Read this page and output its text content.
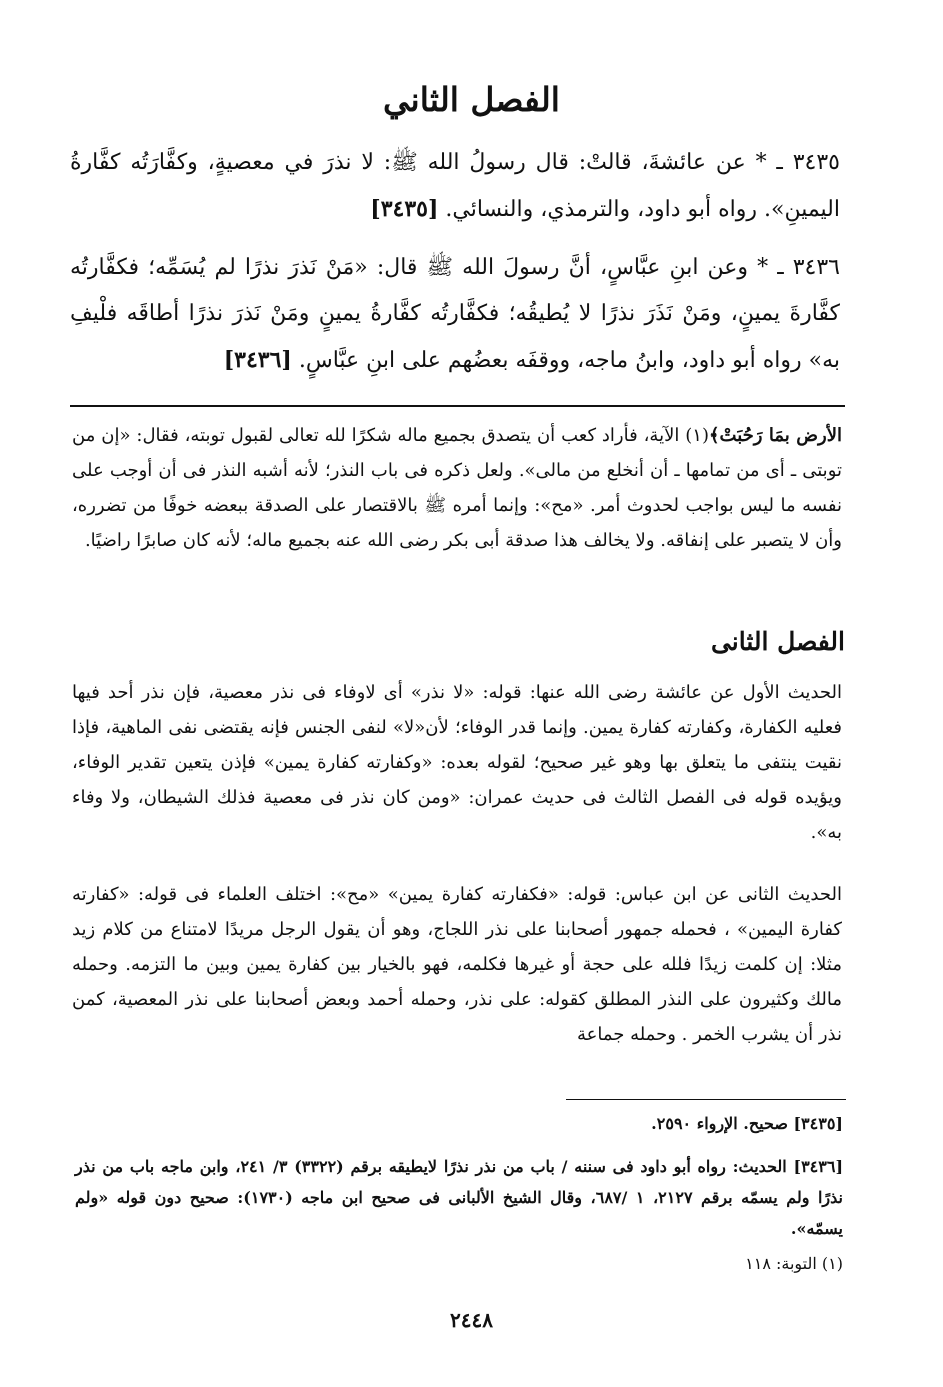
الفصل الثاني
٣٤٣٥ ـ * عن عائشةَ، قالتْ: قال رسولُ الله ﷺ: لا نذرَ في معصيةٍ، وكفَّارَتُه كفَّارةُ اليمينِ». رواه أبو داود، والترمذي، والنسائي. [٣٤٣٥]
٣٤٣٦ ـ * وعن ابنِ عبَّاسٍ، أنَّ رسولَ الله ﷺ قال: «مَنْ نَذرَ نذرًا لم يُسَمِّه؛ فكفَّارتُه كفَّارةَ يمينٍ، ومَنْ نَذَرَ نذرًا لا يُطيقُه؛ فكفَّارتُه كفَّارةُ يمينٍ ومَنْ نَذرَ نذرًا أطاقَه فلْيفِ به» رواه أبو داود، وابنُ ماجه، ووقفَه بعضُهم على ابنِ عبَّاسٍ. [٣٤٣٦]
الأرض بمَا رَحُبَتْ﴾(١) الآية، فأراد كعب أن يتصدق بجميع ماله شكرًا لله تعالى لقبول توبته، فقال: «إن من توبتى ـ أى من تمامها ـ أن أنخلع من مالى». ولعل ذكره فى باب النذر؛ لأنه أشبه النذر فى أن أوجب على نفسه ما ليس بواجب لحدوث أمر. «مح»: وإنما أمره ﷺ بالاقتصار على الصدقة ببعضه خوفًا من تضرره، وأن لا يتصبر على إنفاقه. ولا يخالف هذا صدقة أبى بكر رضى الله عنه بجميع ماله؛ لأنه كان صابرًا راضيًا.
الفصل الثانى
الحديث الأول عن عائشة رضى الله عنها: قوله: «لا نذر» أى لاوفاء فى نذر معصية، فإن نذر أحد فيها فعليه الكفارة، وكفارته كفارة يمين. وإنما قدر الوفاء؛ لأن«لا» لنفى الجنس فإنه يقتضى نفى الماهية، فإذا نقيت ينتفى ما يتعلق بها وهو غير صحيح؛ لقوله بعده: «وكفارته كفارة يمين» فإذن يتعين تقدير الوفاء، ويؤيده قوله فى الفصل الثالث فى حديث عمران: «ومن كان نذر فى معصية فذلك الشيطان، ولا وفاء به».
الحديث الثانى عن ابن عباس: قوله: «فكفارته كفارة يمين» «مح»: اختلف العلماء فى قوله: «كفارته كفارة اليمين» ، فحمله جمهور أصحابنا على نذر اللجاج، وهو أن يقول الرجل مريدًا لامتناع من كلام زيد مثلا: إن كلمت زيدًا فلله على حجة أو غيرها فكلمه، فهو بالخيار بين كفارة يمين وبين ما التزمه. وحمله مالك وكثيرون على النذر المطلق كقوله: على نذر، وحمله أحمد وبعض أصحابنا على نذر المعصية، كمن نذر أن يشرب الخمر . وحمله جماعة
[٣٤٣٥] صحيح. الإرواء ٢٥٩٠.
[٣٤٣٦] الحديث: رواه أبو داود فى سننه / باب من نذر نذرًا لايطيقه برقم (٣٣٢٢) ٣/ ٢٤١، وابن ماجه باب من نذر نذرًا ولم يسمّه برقم ٢١٢٧، ١ /٦٨٧، وقال الشيخ الألبانى فى صحيح ابن ماجه (١٧٣٠): صحيح دون قوله «ولم يسمّه».
(١) التوبة: ١١٨
٢٤٤٨
